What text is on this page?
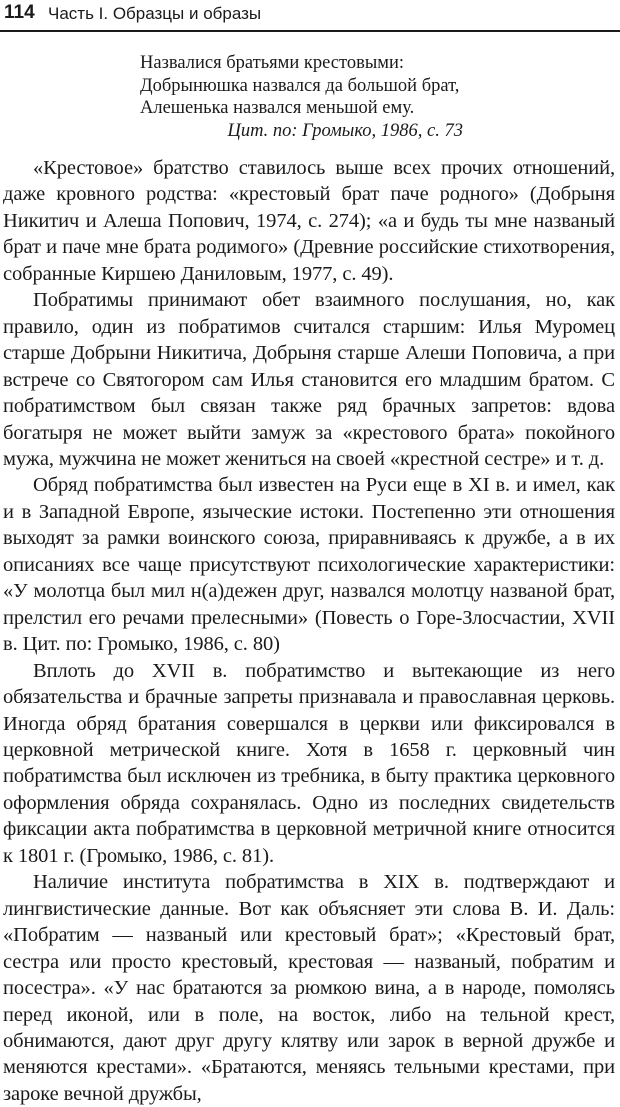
114 Часть I. Образцы и образы
Назвалися братьями крестовыми:
Добрынюшка назвался да большой брат,
Алешенька назвался меньшой ему.
Цит. по: Громыко, 1986, с. 73

«Крестовое» братство ставилось выше всех прочих отношений, даже кровного родства: «крестовый брат паче родного» (Добрыня Никитич и Алеша Попович, 1974, с. 274); «а и будь ты мне названый брат и паче мне брата родимого» (Древние российские стихотворения, собранные Киршею Даниловым, 1977, с. 49).

Побратимы принимают обет взаимного послушания, но, как правило, один из побратимов считался старшим: Илья Муромец старше Добрыни Никитича, Добрыня старше Алеши Поповича, а при встрече со Святогором сам Илья становится его младшим братом. С побратимством был связан также ряд брачных запретов: вдова богатыря не может выйти замуж за «крестового брата» покойного мужа, мужчина не может жениться на своей «крестной сестре» и т. д.

Обряд побратимства был известен на Руси еще в XI в. и имел, как и в Западной Европе, языческие истоки. Постепенно эти отношения выходят за рамки воинского союза, приравниваясь к дружбе, а в их описаниях все чаще присутствуют психологические характеристики: «У молотца был мил н(а)дежен друг, назвался молотцу названой брат, прелстил его речами прелесными» (Повесть о Горе-Злосчастии, XVII в. Цит. по: Громыко, 1986, с. 80)

Вплоть до XVII в. побратимство и вытекающие из него обязательства и брачные запреты признавала и православная церковь. Иногда обряд братания совершался в церкви или фиксировался в церковной метрической книге. Хотя в 1658 г. церковный чин побратимства был исключен из требника, в быту практика церковного оформления обряда сохранялась. Одно из последних свидетельств фиксации акта побратимства в церковной метричной книге относится к 1801 г. (Громыко, 1986, с. 81).

Наличие института побратимства в XIX в. подтверждают и лингвистические данные. Вот как объясняет эти слова В. И. Даль: «Побратим — названый или крестовый брат»; «Крестовый брат, сестра или просто крестовый, крестовая — названый, побратим и посестра». «У нас братаются за рюмкою вина, а в народе, помолясь перед иконой, или в поле, на восток, либо на тельной крест, обнимаются, дают друг другу клятву или зарок в верной дружбе и меняются крестами». «Братаются, меняясь тельными крестами, при зароке вечной дружбы,
